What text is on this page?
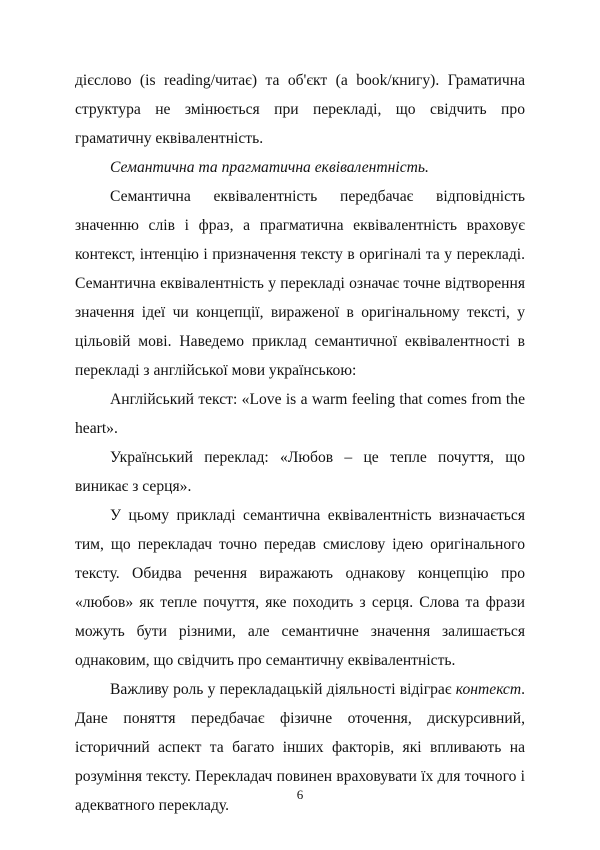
дієслово (is reading/читає) та об'єкт (a book/книгу). Граматична структура не змінюється при перекладі, що свідчить про граматичну еквівалентність.

Семантична та прагматична еквівалентність.

Семантична еквівалентність передбачає відповідність значенню слів і фраз, а прагматична еквівалентність враховує контекст, інтенцію і призначення тексту в оригіналі та у перекладі. Семантична еквівалентність у перекладі означає точне відтворення значення ідеї чи концепції, вираженої в оригінальному тексті, у цільовій мові. Наведемо приклад семантичної еквівалентності в перекладі з англійської мови українською:

Англійський текст: «Love is a warm feeling that comes from the heart».

Український переклад: «Любов – це тепле почуття, що виникає з серця».

У цьому прикладі семантична еквівалентність визначається тим, що перекладач точно передав смислову ідею оригінального тексту. Обидва речення виражають однакову концепцію про «любов» як тепле почуття, яке походить з серця. Слова та фрази можуть бути різними, але семантичне значення залишається однаковим, що свідчить про семантичну еквівалентність.

Важливу роль у перекладацькій діяльності відіграє контекст. Дане поняття передбачає фізичне оточення, дискурсивний, історичний аспект та багато інших факторів, які впливають на розуміння тексту. Перекладач повинен враховувати їх для точного і адекватного перекладу.

6
